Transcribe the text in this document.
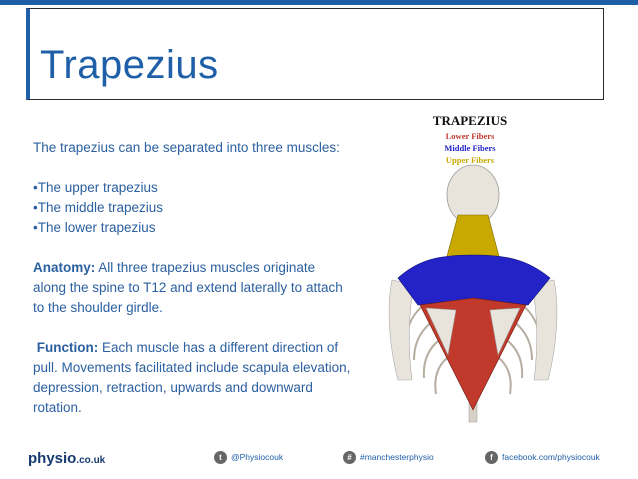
Trapezius

The trapezius can be separated into three muscles:

•The upper trapezius

•The middle trapezius

•The lower trapezius

Anatomy: All three trapezius muscles originate along the spine to T12 and extend laterally to attach to the shoulder girdle.

Function: Each muscle has a different direction of pull. Movements facilitated include scapula elevation, depression, retraction, upwards and downward rotation.

TRAPEZIUS
Lower Fibers
Middle Fibers
Upper Fibers
physio.co.uk	t @Physiocouk	# #manchesterphysio	f facebook.com/physiocouk
